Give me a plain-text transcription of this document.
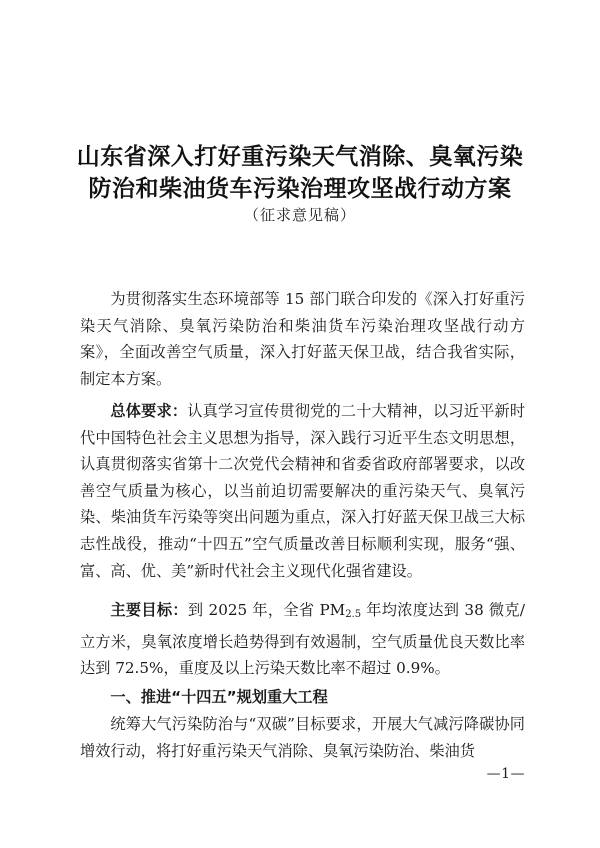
山东省深入打好重污染天气消除、臭氧污染
防治和柴油货车污染治理攻坚战行动方案
（征求意见稿）

为贯彻落实生态环境部等 15 部门联合印发的《深入打好重污染天气消除、臭氧污染防治和柴油货车污染治理攻坚战行动方案》，全面改善空气质量，深入打好蓝天保卫战，结合我省实际，制定本方案。

总体要求：认真学习宣传贯彻党的二十大精神，以习近平新时代中国特色社会主义思想为指导，深入践行习近平生态文明思想，认真贯彻落实省第十二次党代会精神和省委省政府部署要求，以改善空气质量为核心，以当前迫切需要解决的重污染天气、臭氧污染、柴油货车污染等突出问题为重点，深入打好蓝天保卫战三大标志性战役，推动“十四五”空气质量改善目标顺利实现，服务“强、富、高、优、美”新时代社会主义现代化强省建设。

主要目标：到 2025 年，全省 PM2.5 年均浓度达到 38 微克/立方米，臭氧浓度增长趋势得到有效遏制，空气质量优良天数比率达到 72.5%，重度及以上污染天数比率不超过 0.9%。

一、推进“十四五”规划重大工程

统筹大气污染防治与“双碳”目标要求，开展大气减污降碳协同增效行动，将打好重污染天气消除、臭氧污染防治、柴油货

—1—
